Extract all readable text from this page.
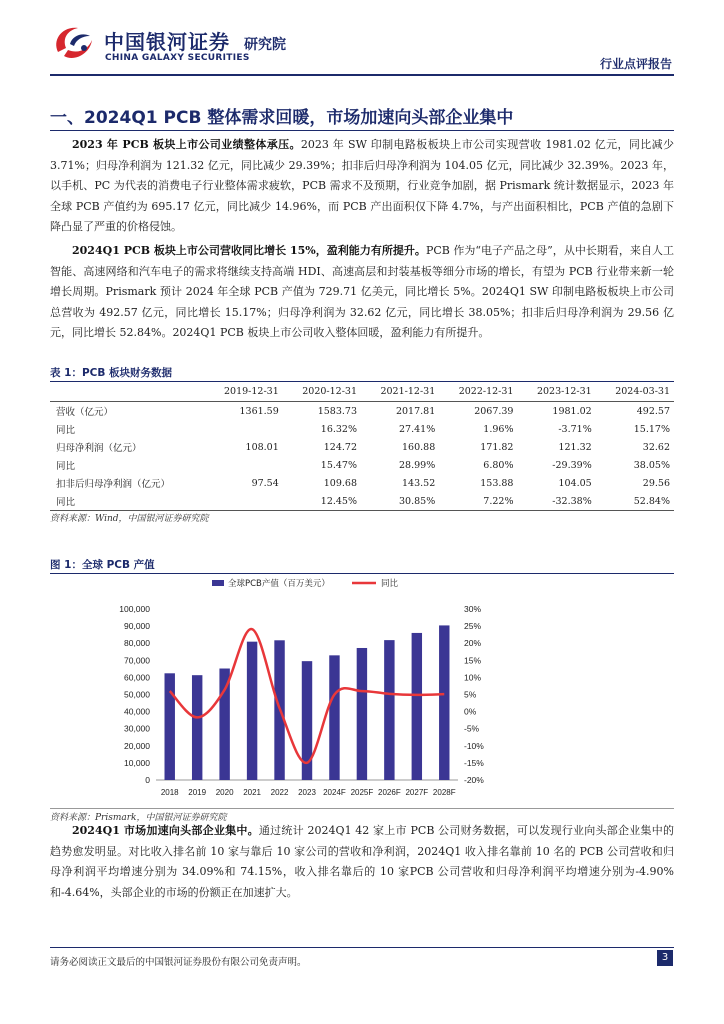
中国银河证券 研究院
CHINA GALAXY SECURITIES	行业点评报告
一、2024Q1 PCB 整体需求回暖，市场加速向头部企业集中
2023 年 PCB 板块上市公司业绩整体承压。2023 年 SW 印制电路板板块上市公司实现营收 1981.02 亿元，同比减少 3.71%；归母净利润为 121.32 亿元，同比减少 29.39%；扣非后归母净利润为 104.05 亿元，同比减少 32.39%。2023 年，以手机、PC 为代表的消费电子行业整体需求疲软，PCB 需求不及预期，行业竞争加剧，据 Prismark 统计数据显示，2023 年全球 PCB 产值约为 695.17 亿元，同比减少 14.96%，而 PCB 产出面积仅下降 4.7%，与产出面积相比，PCB 产值的急剧下降凸显了严重的价格侵蚀。
2024Q1 PCB 板块上市公司营收同比增长 15%，盈利能力有所提升。PCB 作为“电子产品之母”，从中长期看，来自人工智能、高速网络和汽车电子的需求将继续支持高端 HDI、高速高层和封装基板等细分市场的增长，有望为 PCB 行业带来新一轮增长周期。Prismark 预计 2024 年全球 PCB 产值为 729.71 亿美元，同比增长 5%。2024Q1 SW 印制电路板板块上市公司总营收为 492.57 亿元，同比增长 15.17%；归母净利润为 32.62 亿元，同比增长 38.05%；扣非后归母净利润为 29.56 亿元，同比增长 52.84%。2024Q1 PCB 板块上市公司收入整体回暖，盈利能力有所提升。
表 1：PCB 板块财务数据
	2019-12-31	2020-12-31	2021-12-31	2022-12-31	2023-12-31	2024-03-31
营收（亿元）	1361.59	1583.73	2017.81	2067.39	1981.02	492.57
同比		16.32%	27.41%	1.96%	-3.71%	15.17%
归母净利润（亿元）	108.01	124.72	160.88	171.82	121.32	32.62
同比		15.47%	28.99%	6.80%	-29.39%	38.05%
扣非后归母净利润（亿元）	97.54	109.68	143.52	153.88	104.05	29.56
同比		12.45%	30.85%	7.22%	-32.38%	52.84%
资料来源：Wind，中国银河证券研究院
图 1：全球 PCB 产值
0
10,000
20,000
30,000
40,000
50,000
60,000
70,000
80,000
90,000
100,000
-20%
-15%
-10%
-5%
0%
5%
10%
15%
20%
25%
30%
2018 2019 2020 2021 2022 2023 2024F 2025F 2026F 2027F 2028F
全球PCB产值（百万美元）	同比
资料来源：Prismark，中国银河证券研究院
2024Q1 市场加速向头部企业集中。通过统计 2024Q1 42 家上市 PCB 公司财务数据，可以发现行业向头部企业集中的趋势愈发明显。对比收入排名前 10 家与靠后 10 家公司的营收和净利润，2024Q1 收入排名靠前 10 名的 PCB 公司营收和归母净利润平均增速分别为 34.09%和 74.15%，收入排名靠后的 10 家PCB 公司营收和归母净利润平均增速分别为-4.90%和-4.64%，头部企业的市场的份额正在加速扩大。
请务必阅读正文最后的中国银河证券股份有限公司免责声明。	3
